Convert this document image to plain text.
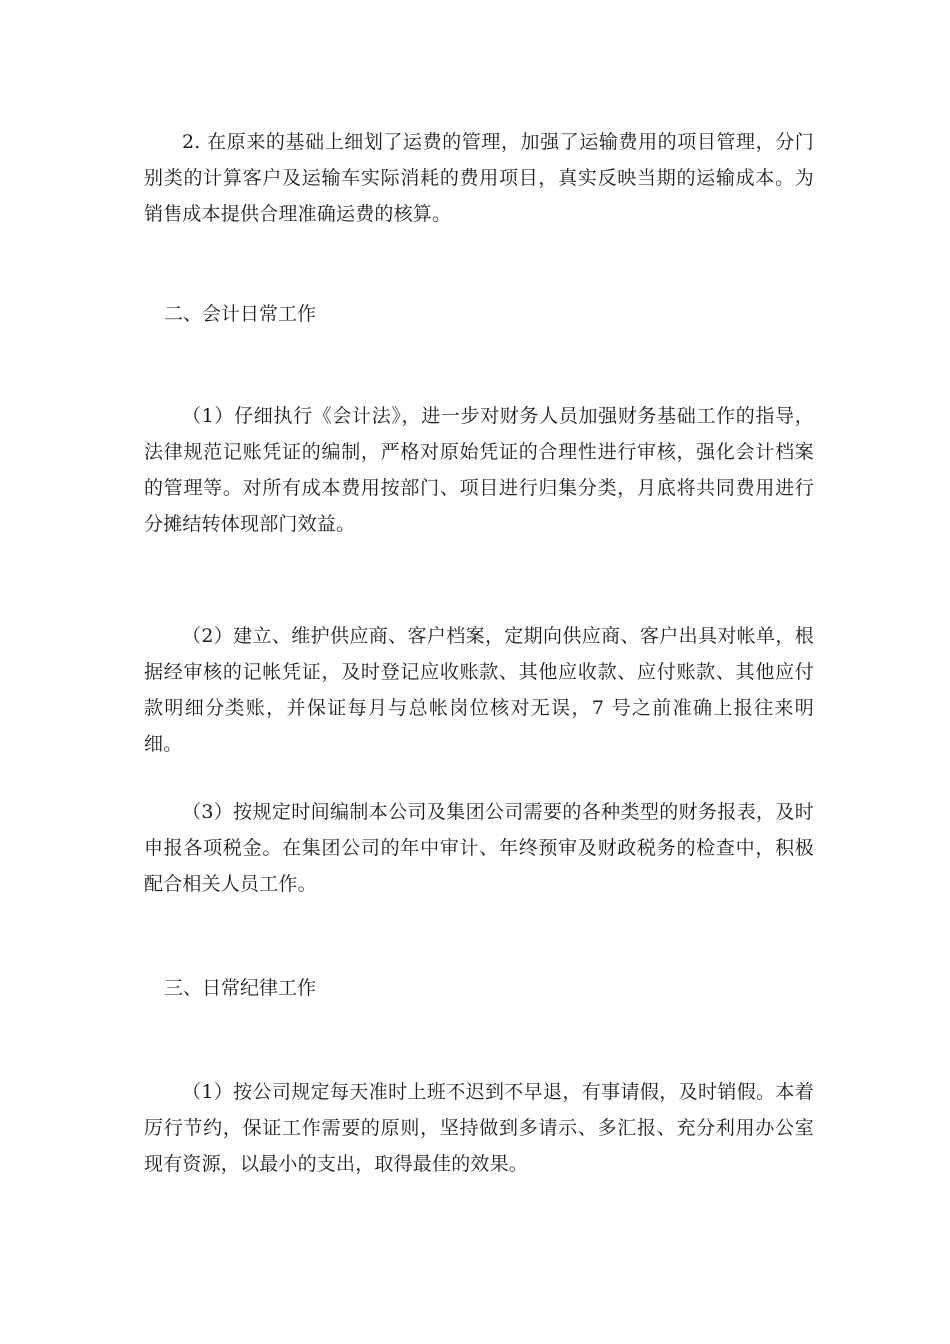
2. 在原来的基础上细划了运费的管理，加强了运输费用的项目管理，分门别类的计算客户及运输车实际消耗的费用项目，真实反映当期的运输成本。为销售成本提供合理准确运费的核算。

二、会计日常工作

（1）仔细执行《会计法》，进一步对财务人员加强财务基础工作的指导，法律规范记账凭证的编制，严格对原始凭证的合理性进行审核，强化会计档案的管理等。对所有成本费用按部门、项目进行归集分类，月底将共同费用进行分摊结转体现部门效益。

（2）建立、维护供应商、客户档案，定期向供应商、客户出具对帐单，根据经审核的记帐凭证，及时登记应收账款、其他应收款、应付账款、其他应付款明细分类账，并保证每月与总帐岗位核对无误，7 号之前准确上报往来明细。

（3）按规定时间编制本公司及集团公司需要的各种类型的财务报表，及时申报各项税金。在集团公司的年中审计、年终预审及财政税务的检查中，积极配合相关人员工作。

三、日常纪律工作

（1）按公司规定每天准时上班不迟到不早退，有事请假，及时销假。本着厉行节约，保证工作需要的原则，坚持做到多请示、多汇报、充分利用办公室现有资源，以最小的支出，取得最佳的效果。
